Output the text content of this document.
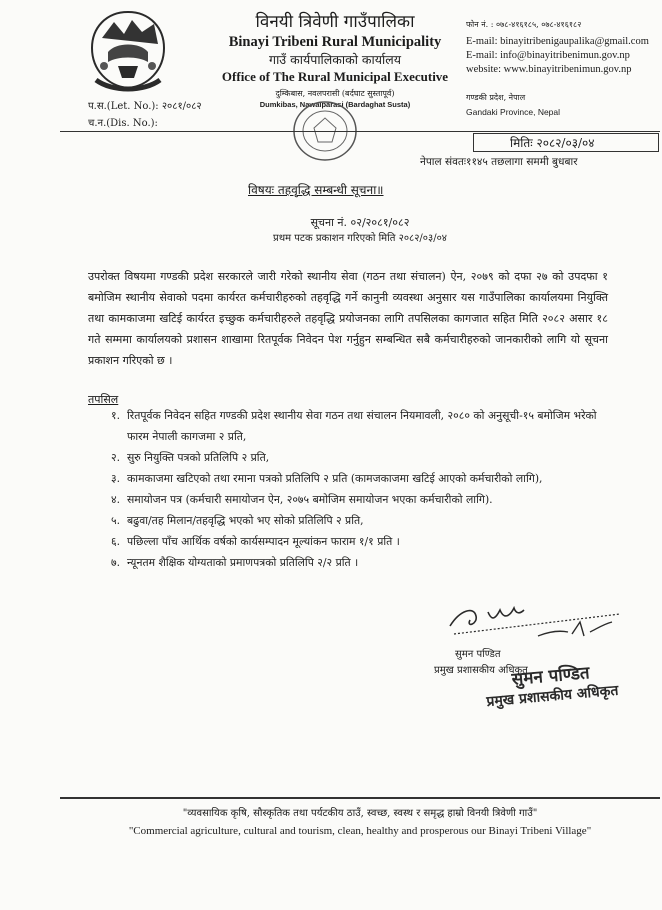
विनयी त्रिवेणी गाउँपालिका
Binayi Tribeni Rural Municipality
गाउँ कार्यपालिकाको कार्यालय
Office of The Rural Municipal Executive
दुम्किबास, नवलपरासी (बर्दघाट सुस्तापूर्व)
Dumkibas, Nawalparasi (Bardaghat Susta)
फोन नं. : ०७८-४१६१८५, ०७८-४१६१८२
E-mail: binayitribenigaupalika@gmail.com
E-mail: info@binayitribenimun.gov.np
website: www.binayitribenimun.gov.np
गण्डकी प्रदेश, नेपाल
Gandaki Province, Nepal
प.स.(Let. No.): २०८१/०८२
च.न.(Dis. No.):
मितिः २०८२/०३/०४
नेपाल संवतः११४५ तछलागा सममी बुधबार
विषयः तहवृद्धि सम्बन्धी सूचना॥
सूचना नं. ०२/२०८१/०८२
प्रथम पटक प्रकाशन गरिएको मिति २०८२/०३/०४
उपरोक्त विषयमा गण्डकी प्रदेश सरकारले जारी गरेको स्थानीय सेवा (गठन तथा संचालन) ऐन, २०७९ को दफा २७ को उपदफा १ बमोजिम स्थानीय सेवाको पदमा कार्यरत कर्मचारीहरुको तहवृद्धि गर्ने कानुनी व्यवस्था अनुसार यस गाउँपालिका कार्यालयमा नियुक्ति तथा कामकाजमा खटिई कार्यरत इच्छुक कर्मचारीहरुले तहवृद्धि प्रयोजनका लागि तपसिलका कागजात सहित मिति २०८२ असार १८ गते सम्ममा कार्यालयको प्रशासन शाखामा रितपूर्वक निवेदन पेश गर्नुहुन सम्बन्धित सबै कर्मचारीहरुको जानकारीको लागि यो सूचना प्रकाशन गरिएको छ ।
तपसिल
१. रितपूर्वक निवेदन सहित गण्डकी प्रदेश स्थानीय सेवा गठन तथा संचालन नियमावली, २०८० को अनुसूची-१५ बमोजिम भरेको फारम नेपाली कागजमा २ प्रति,
२. सुरु नियुक्ति पत्रको प्रतिलिपि २ प्रति,
३. कामकाजमा खटिएको तथा रमाना पत्रको प्रतिलिपि २ प्रति (कामजकाजमा खटिई आएको कर्मचारीको लागि),
४. समायोजन पत्र (कर्मचारी समायोजन ऐन, २०७५ बमोजिम समायोजन भएका कर्मचारीको लागि).
५. बढुवा/तह मिलान/तहवृद्धि भएको भए सोको प्रतिलिपि २ प्रति,
६. पछिल्ला पाँच आर्थिक वर्षको कार्यसम्पादन मूल्यांकन फाराम १/१ प्रति ।
७. न्यूनतम शैक्षिक योग्यताको प्रमाणपत्रको प्रतिलिपि २/२ प्रति ।
सुमन पण्डित
प्रमुख प्रशासकीय अधिकृत
सुमन पण्डित
प्रमुख प्रशासकीय अधिकृत
"व्यवसायिक कृषि, सौस्कृतिक तथा पर्यटकीय ठाउँ, स्वच्छ, स्वस्थ र समृद्ध हाम्रो विनयी त्रिवेणी गाउँ"
"Commercial agriculture, cultural and tourism, clean, healthy and prosperous our Binayi Tribeni Village"
